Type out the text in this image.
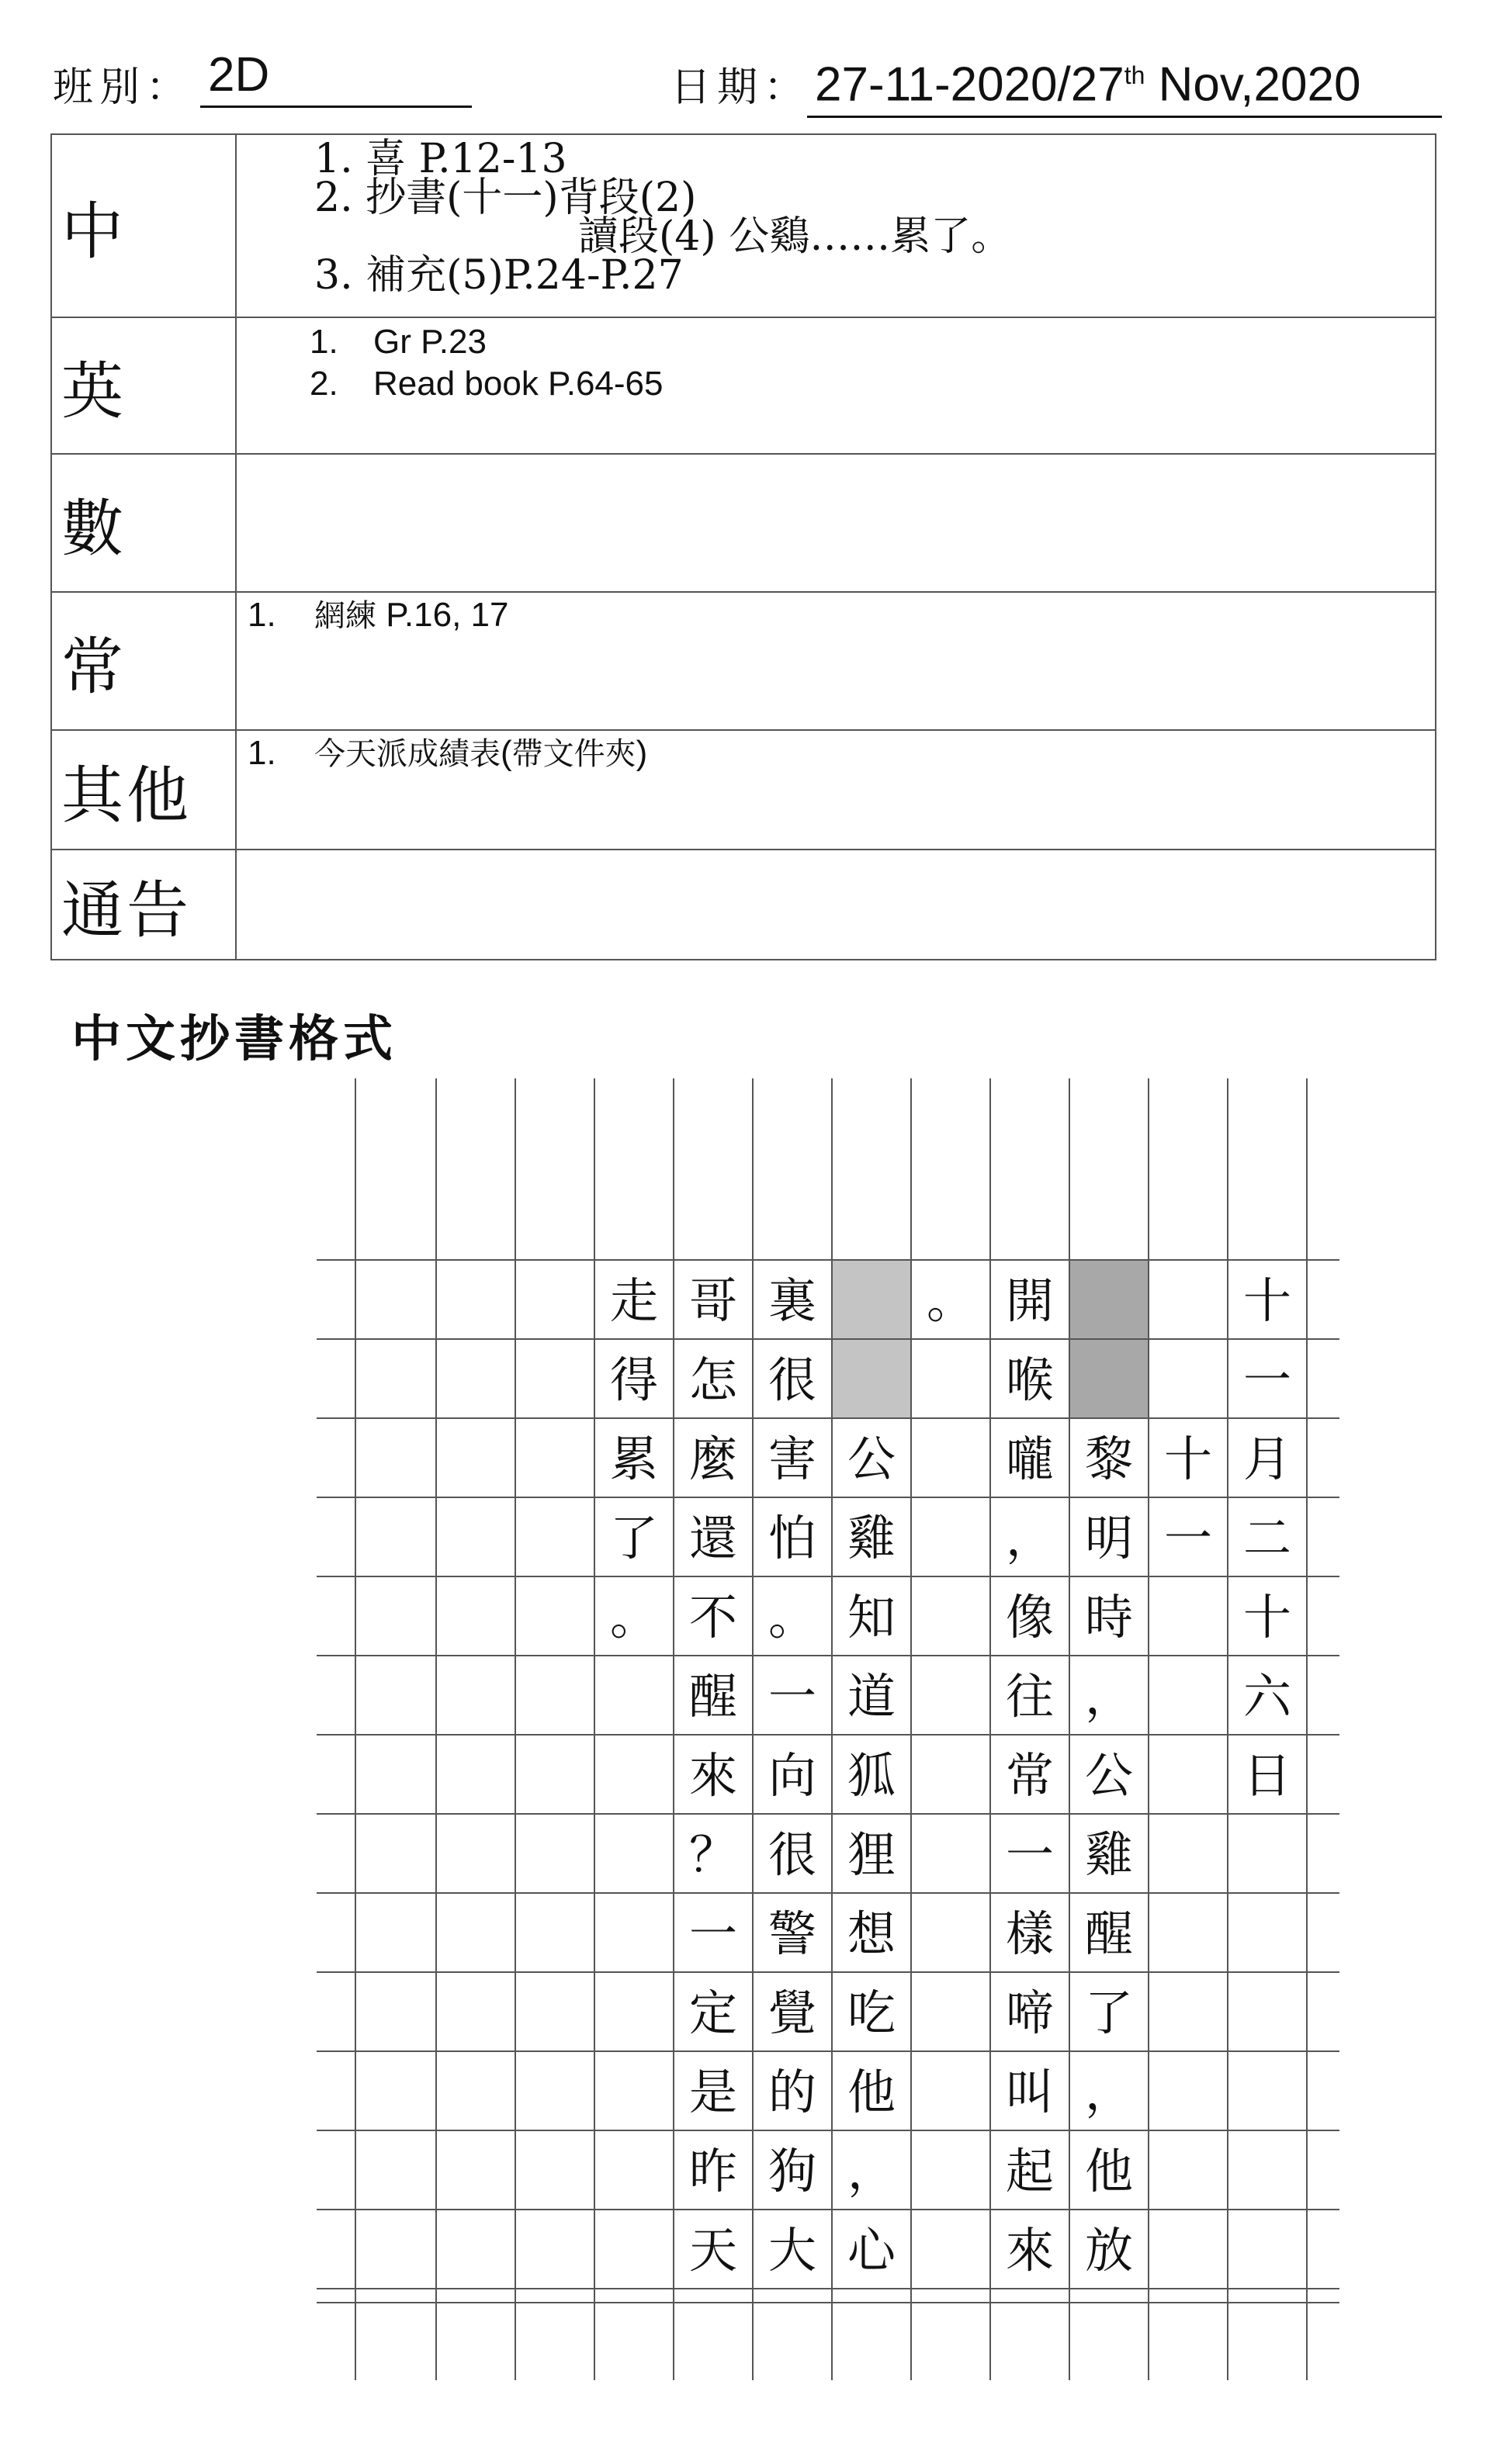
班別： 2D	日期： 27-11-2020/27th Nov,2020
中	1. 喜 P.12-13
2. 抄書(十一)背段(2)
讀段(4) 公鷄……累了。
3. 補充(5)P.24-P.27

英	1. Gr P.23
2. Read book P.64-65

數	
常	1. 網練 P.16, 17

其他	1. 今天派成績表(帶文件夾)

通告	
中文抄書格式
十
一
月
二
十
六
日
十
一
黎
明
時
，
公
雞
醒
了
，
他
放
開
喉
嚨
，
像
往
常
一
樣
啼
叫
起
來
。
公
雞
知
道
狐
狸
想
吃
他
，
心
裏
很
害
怕
。
一
向
很
警
覺
的
狗
大
哥
怎
麼
還
不
醒
來
？
一
定
是
昨
天
走
得
累
了
。
